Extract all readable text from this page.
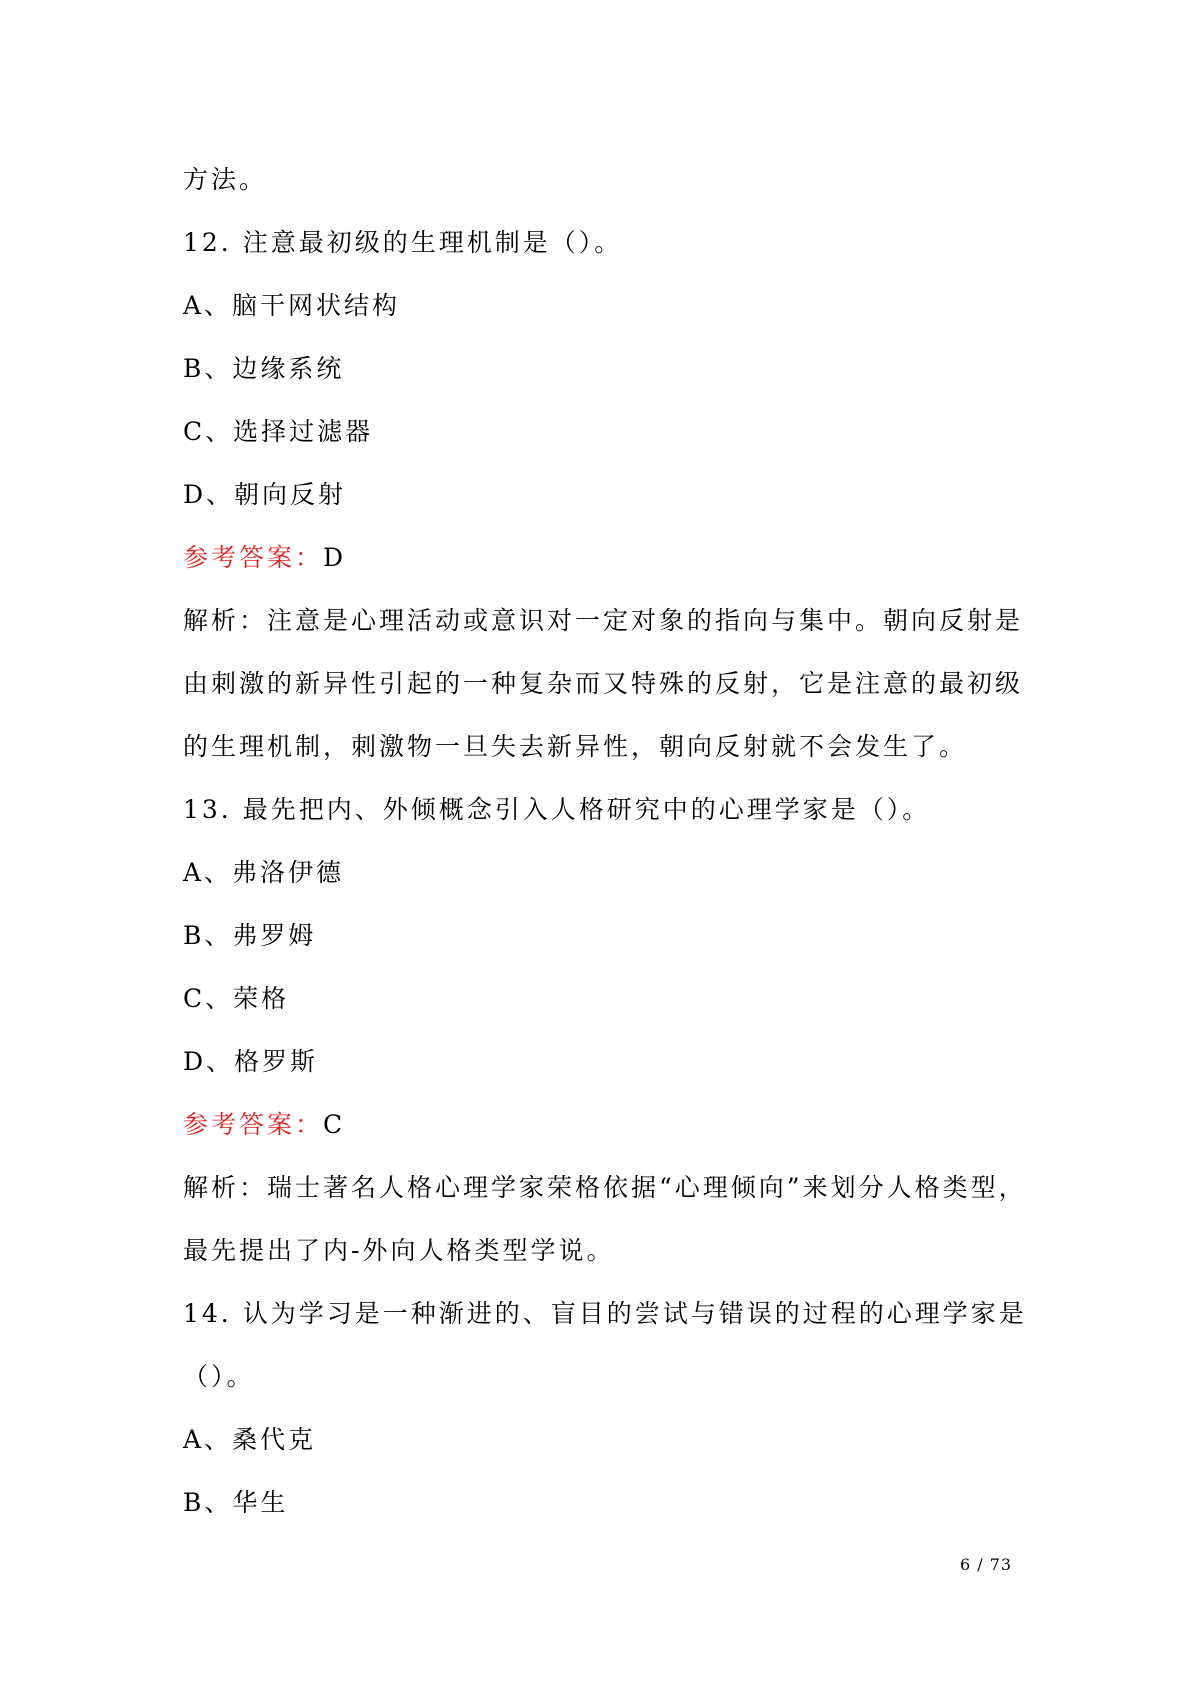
方法。
12. 注意最初级的生理机制是（）。
A、脑干网状结构
B、边缘系统
C、选择过滤器
D、朝向反射
参考答案：D
解析：注意是心理活动或意识对一定对象的指向与集中。朝向反射是
由刺激的新异性引起的一种复杂而又特殊的反射，它是注意的最初级
的生理机制，刺激物一旦失去新异性，朝向反射就不会发生了。
13. 最先把内、外倾概念引入人格研究中的心理学家是（）。
A、弗洛伊德
B、弗罗姆
C、荣格
D、格罗斯
参考答案：C
解析：瑞士著名人格心理学家荣格依据“心理倾向”来划分人格类型，
最先提出了内-外向人格类型学说。
14. 认为学习是一种渐进的、盲目的尝试与错误的过程的心理学家是
（）。
A、桑代克
B、华生
6 / 73
